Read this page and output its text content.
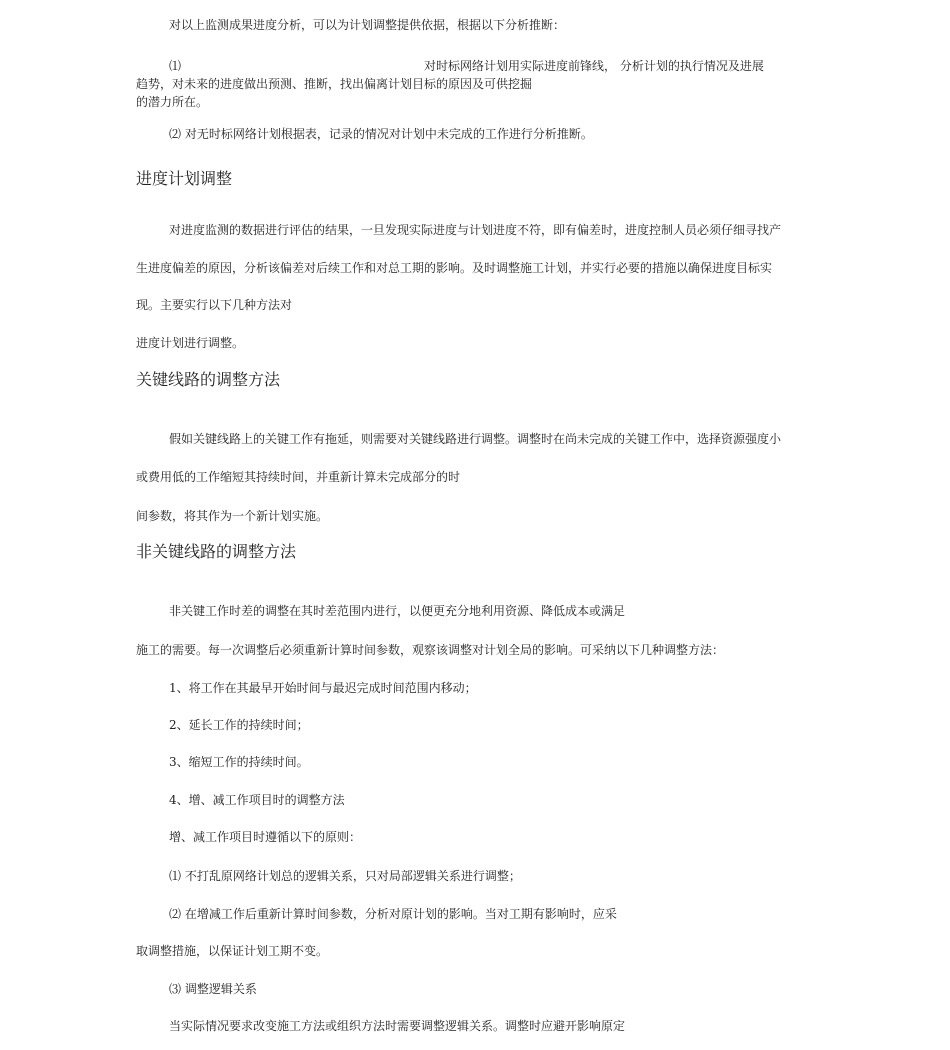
对以上监测成果进度分析，可以为计划调整提供依据，根据以下分析推断：
⑴	对时标网络计划用实际进度前锋线， 分析计划的执行情况及进展
趋势，对未来的进度做出预测、推断，找出偏离计划目标的原因及可供挖掘
的潜力所在。
⑵ 对无时标网络计划根据表，记录的情况对计划中未完成的工作进行分析推断。
进度计划调整
对进度监测的数据进行评估的结果，一旦发现实际进度与计划进度不符，即有偏差时，进度控制人员必须仔细寻找产
生进度偏差的原因，分析该偏差对后续工作和对总工期的影响。及时调整施工计划，并实行必要的措施以确保进度目标实
现。主要实行以下几种方法对
进度计划进行调整。
关键线路的调整方法
假如关键线路上的关键工作有拖延，则需要对关键线路进行调整。调整时在尚未完成的关键工作中，选择资源强度小
或费用低的工作缩短其持续时间，并重新计算未完成部分的时
间参数，将其作为一个新计划实施。
非关键线路的调整方法
非关键工作时差的调整在其时差范围内进行，以便更充分地利用资源、降低成本或满足
施工的需要。每一次调整后必须重新计算时间参数，观察该调整对计划全局的影响。可采纳以下几种调整方法：
1、将工作在其最早开始时间与最迟完成时间范围内移动；
2、延长工作的持续时间；
3、缩短工作的持续时间。
4、增、减工作项目时的调整方法
增、减工作项目时遵循以下的原则：
⑴ 不打乱原网络计划总的逻辑关系，只对局部逻辑关系进行调整；
⑵ 在增减工作后重新计算时间参数，分析对原计划的影响。当对工期有影响时，应采
取调整措施，以保证计划工期不变。
⑶ 调整逻辑关系
当实际情况要求改变施工方法或组织方法时需要调整逻辑关系。调整时应避开影响原定
